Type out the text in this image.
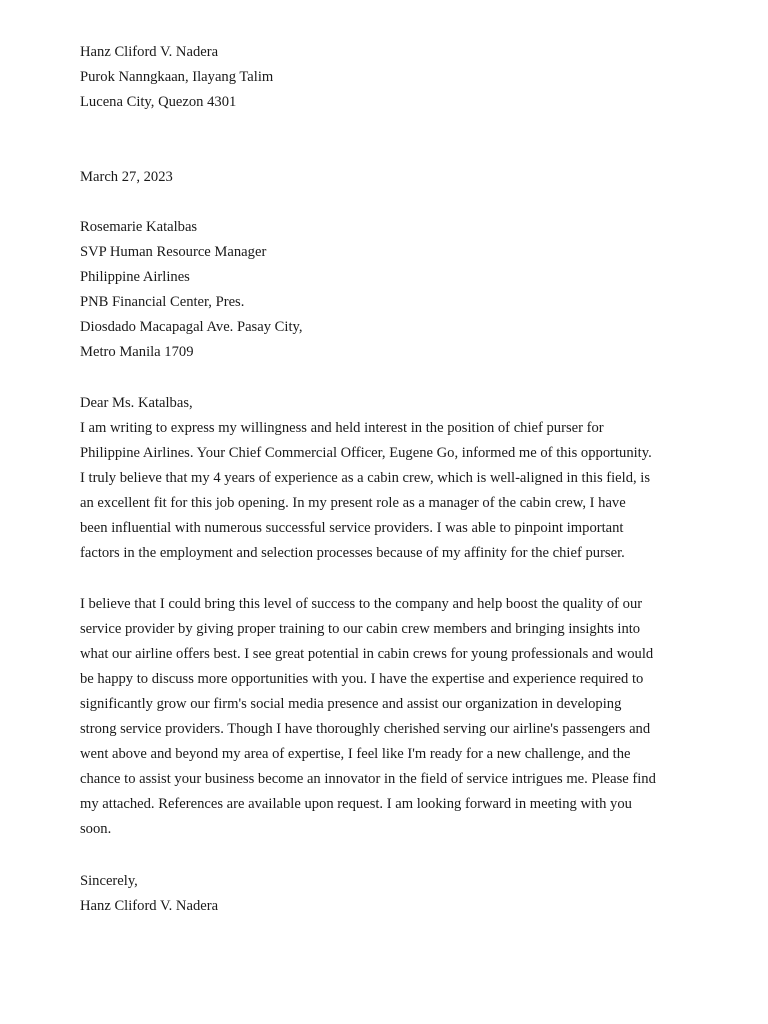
Hanz Cliford V. Nadera
Purok Nanngkaan, Ilayang Talim
Lucena City, Quezon 4301
March 27, 2023
Rosemarie Katalbas
SVP Human Resource Manager
Philippine Airlines
PNB Financial Center, Pres.
Diosdado Macapagal Ave. Pasay City,
Metro Manila 1709
Dear Ms. Katalbas,
I am writing to express my willingness and held interest in the position of chief purser for
Philippine Airlines. Your Chief Commercial Officer, Eugene Go, informed me of this opportunity.
I truly believe that my 4 years of experience as a cabin crew, which is well-aligned in this field, is
an excellent fit for this job opening. In my present role as a manager of the cabin crew, I have
been influential with numerous successful service providers. I was able to pinpoint important
factors in the employment and selection processes because of my affinity for the chief purser.
I believe that I could bring this level of success to the company and help boost the quality of our
service provider by giving proper training to our cabin crew members and bringing insights into
what our airline offers best. I see great potential in cabin crews for young professionals and would
be happy to discuss more opportunities with you. I have the expertise and experience required to
significantly grow our firm's social media presence and assist our organization in developing
strong service providers. Though I have thoroughly cherished serving our airline's passengers and
went above and beyond my area of expertise, I feel like I'm ready for a new challenge, and the
chance to assist your business become an innovator in the field of service intrigues me. Please find
my attached. References are available upon request. I am looking forward in meeting with you
soon.
Sincerely,
Hanz Cliford V. Nadera
